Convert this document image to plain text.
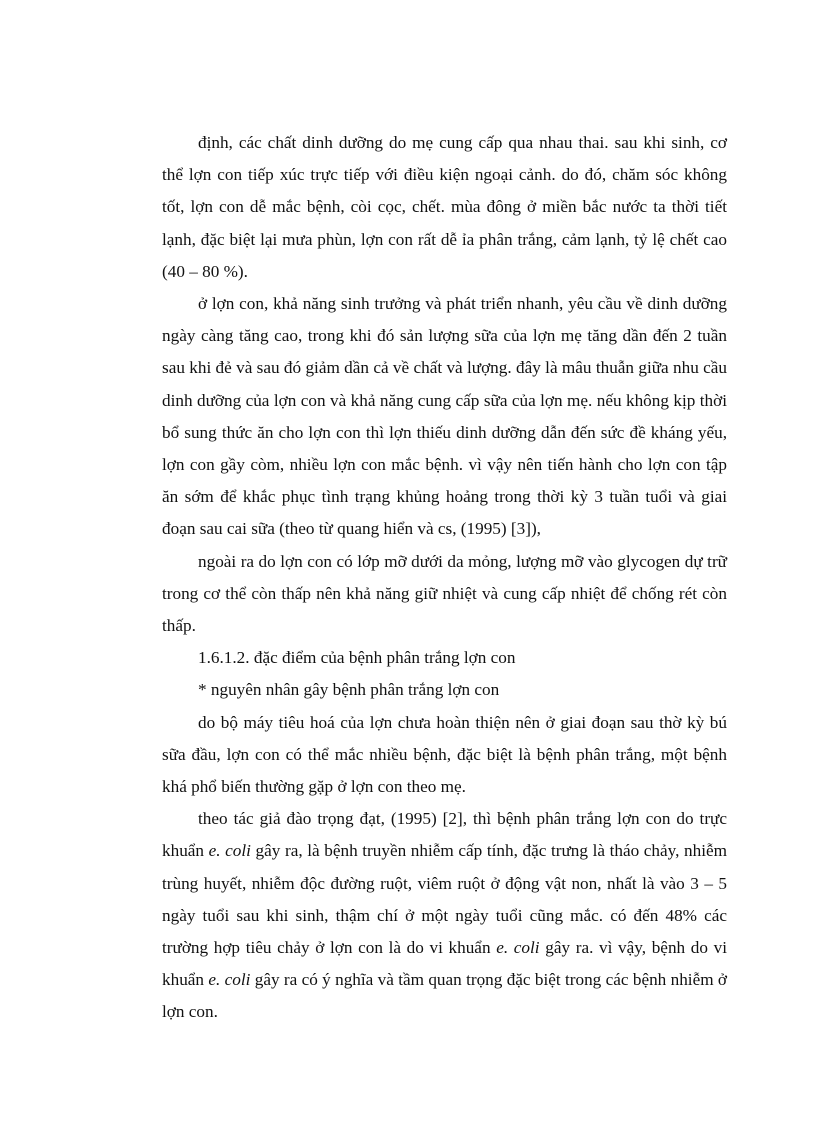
định, các chất dinh dưỡng do mẹ cung cấp qua nhau thai. sau khi sinh, cơ thể lợn con tiếp xúc trực tiếp với điều kiện ngoại cảnh. do đó, chăm sóc không tốt, lợn con dễ mắc bệnh, còi cọc, chết. mùa đông ở miền bắc nước ta thời tiết lạnh, đặc biệt lại mưa phùn, lợn con rất dễ ỉa phân trắng, cảm lạnh, tỷ lệ chết cao (40 – 80 %).

ở lợn con, khả năng sinh trưởng và phát triển nhanh, yêu cầu về dinh dưỡng ngày càng tăng cao, trong khi đó sản lượng sữa của lợn mẹ tăng dần đến 2 tuần sau khi đẻ và sau đó giảm dần cả về chất và lượng. đây là mâu thuẫn giữa nhu cầu dinh dưỡng của lợn con và khả năng cung cấp sữa của lợn mẹ. nếu không kịp thời bổ sung thức ăn cho lợn con thì lợn thiếu dinh dưỡng dẫn đến sức đề kháng yếu, lợn con gầy còm, nhiều lợn con mắc bệnh. vì vậy nên tiến hành cho lợn con tập ăn sớm để khắc phục tình trạng khủng hoảng trong thời kỳ 3 tuần tuổi và giai đoạn sau cai sữa (theo từ quang hiển và cs, (1995) [3]),

ngoài ra do lợn con có lớp mỡ dưới da mỏng, lượng mỡ vào glycogen dự trữ trong cơ thể còn thấp nên khả năng giữ nhiệt và cung cấp nhiệt để chống rét còn thấp.

1.6.1.2. đặc điểm của bệnh phân trắng lợn con

* nguyên nhân gây bệnh phân trắng lợn con

do bộ máy tiêu hoá của lợn chưa hoàn thiện nên ở giai đoạn sau thờ kỳ bú sữa đầu, lợn con có thể mắc nhiều bệnh, đặc biệt là bệnh phân trắng, một bệnh khá phổ biến thường gặp ở lợn con theo mẹ.

theo tác giả đào trọng đạt, (1995) [2], thì bệnh phân trắng lợn con do trực khuẩn e. coli gây ra, là bệnh truyền nhiễm cấp tính, đặc trưng là tháo chảy, nhiễm trùng huyết, nhiễm độc đường ruột, viêm ruột ở động vật non, nhất là vào 3 – 5 ngày tuổi sau khi sinh, thậm chí ở một ngày tuổi cũng mắc. có đến 48% các trường hợp tiêu chảy ở lợn con là do vi khuẩn e. coli gây ra. vì vậy, bệnh do vi khuẩn e. coli gây ra có ý nghĩa và tầm quan trọng đặc biệt trong các bệnh nhiễm ở lợn con.
